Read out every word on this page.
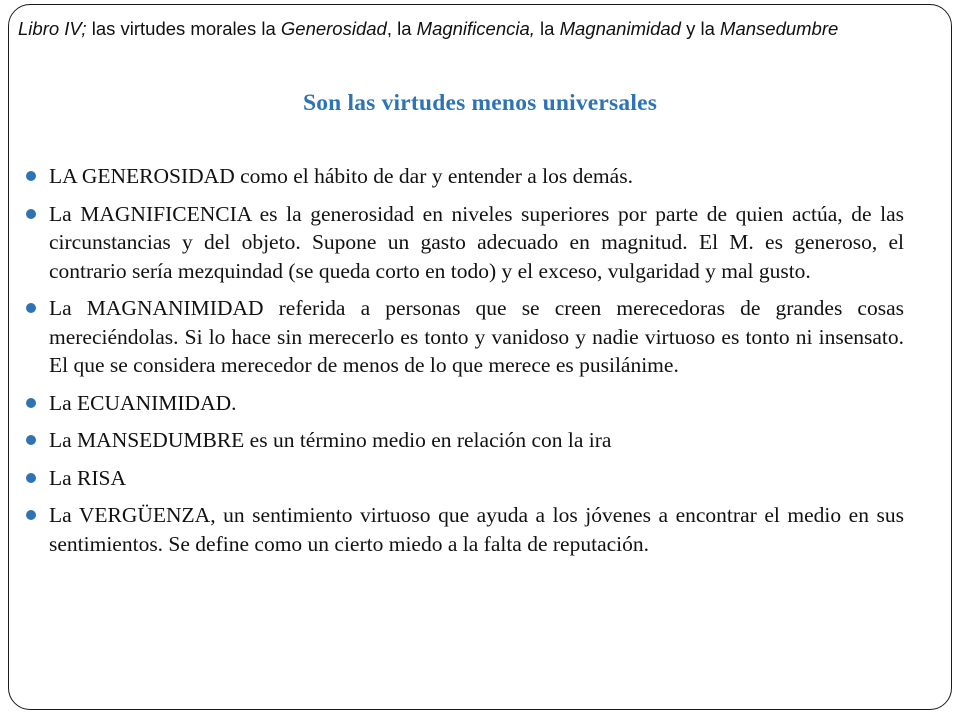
Libro IV; las virtudes morales la Generosidad, la Magnificencia, la Magnanimidad y la Mansedumbre
Son las virtudes menos universales
LA GENEROSIDAD como el hábito de dar y entender a los demás.
La MAGNIFICENCIA es la generosidad en niveles superiores por parte de quien actúa, de las circunstancias y del objeto. Supone un gasto adecuado en magnitud. El M. es generoso, el contrario sería mezquindad (se queda corto en todo) y el exceso, vulgaridad y mal gusto.
La MAGNANIMIDAD referida a personas que se creen merecedoras de grandes cosas mereciéndolas. Si lo hace sin merecerlo es tonto y vanidoso y nadie virtuoso es tonto ni insensato. El que se considera merecedor de menos de lo que merece es pusilánime.
La ECUANIMIDAD.
La MANSEDUMBRE es un término medio en relación con la ira
La RISA
La VERGÜENZA, un sentimiento virtuoso que ayuda a los jóvenes a encontrar el medio en sus sentimientos. Se define como un cierto miedo a la falta de reputación.
